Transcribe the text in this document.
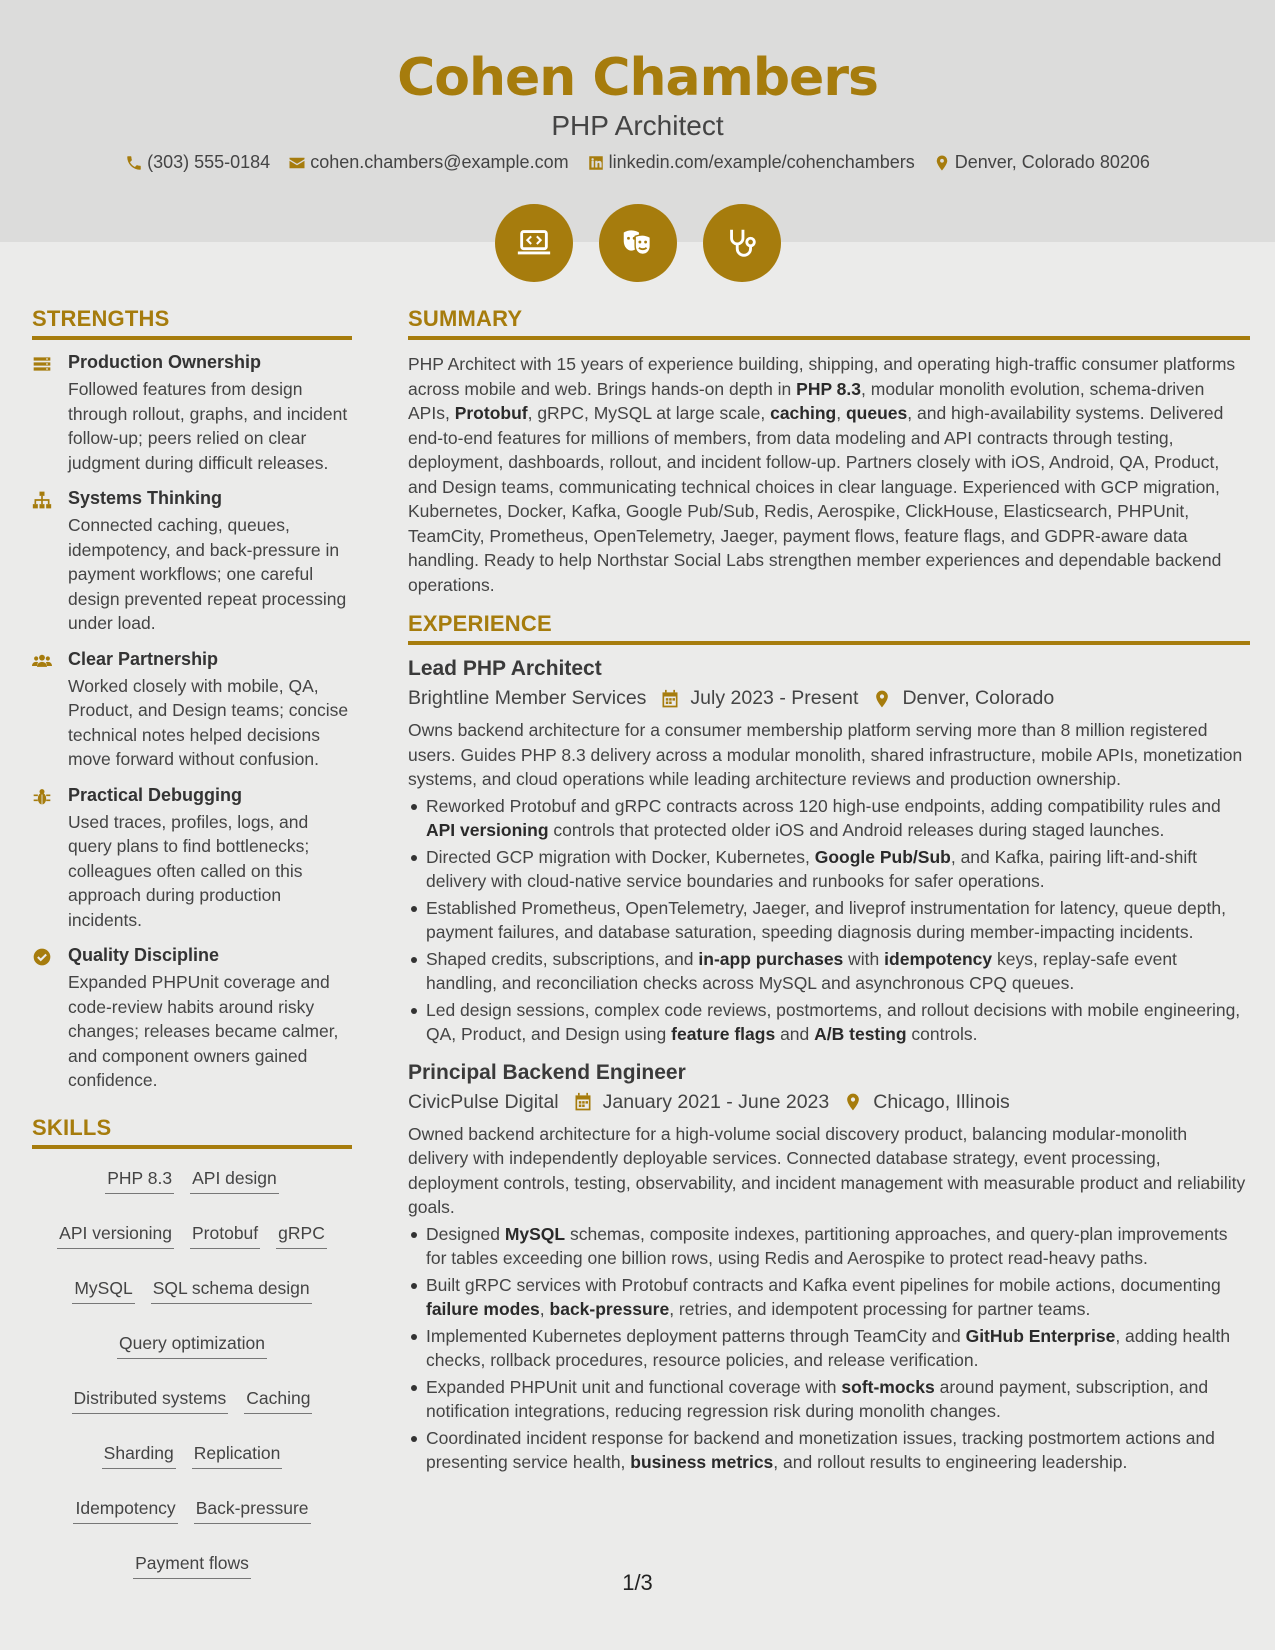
Cohen Chambers
PHP Architect
(303) 555-0184 cohen.chambers@example.com linkedin.com/example/cohenchambers Denver, Colorado 80206
STRENGTHS
Production Ownership

Followed features from design through rollout, graphs, and incident follow-up; peers relied on clear judgment during difficult releases.

Systems Thinking

Connected caching, queues, idempotency, and back-pressure in payment workflows; one careful design prevented repeat processing under load.

Clear Partnership

Worked closely with mobile, QA, Product, and Design teams; concise technical notes helped decisions move forward without confusion.

Practical Debugging

Used traces, profiles, logs, and query plans to find bottlenecks; colleagues often called on this approach during production incidents.

Quality Discipline

Expanded PHPUnit coverage and code-review habits around risky changes; releases became calmer, and component owners gained confidence.

SKILLS
PHP 8.3 API design
API versioning Protobuf gRPC
MySQL SQL schema design
Query optimization
Distributed systems Caching
Sharding Replication
Idempotency Back-pressure
Payment flows
SUMMARY

PHP Architect with 15 years of experience building, shipping, and operating high-traffic consumer platforms across mobile and web. Brings hands-on depth in PHP 8.3, modular monolith evolution, schema-driven APIs, Protobuf, gRPC, MySQL at large scale, caching, queues, and high-availability systems. Delivered end-to-end features for millions of members, from data modeling and API contracts through testing, deployment, dashboards, rollout, and incident follow-up. Partners closely with iOS, Android, QA, Product, and Design teams, communicating technical choices in clear language. Experienced with GCP migration, Kubernetes, Docker, Kafka, Google Pub/Sub, Redis, Aerospike, ClickHouse, Elasticsearch, PHPUnit, TeamCity, Prometheus, OpenTelemetry, Jaeger, payment flows, feature flags, and GDPR-aware data handling. Ready to help Northstar Social Labs strengthen member experiences and dependable backend operations.

EXPERIENCE
Lead PHP Architect
Brightline Member Services July 2023 - Present Denver, Colorado

Owns backend architecture for a consumer membership platform serving more than 8 million registered users. Guides PHP 8.3 delivery across a modular monolith, shared infrastructure, mobile APIs, monetization systems, and cloud operations while leading architecture reviews and production ownership.

Reworked Protobuf and gRPC contracts across 120 high-use endpoints, adding compatibility rules and API versioning controls that protected older iOS and Android releases during staged launches.
Directed GCP migration with Docker, Kubernetes, Google Pub/Sub, and Kafka, pairing lift-and-shift delivery with cloud-native service boundaries and runbooks for safer operations.
Established Prometheus, OpenTelemetry, Jaeger, and liveprof instrumentation for latency, queue depth, payment failures, and database saturation, speeding diagnosis during member-impacting incidents.
Shaped credits, subscriptions, and in-app purchases with idempotency keys, replay-safe event handling, and reconciliation checks across MySQL and asynchronous CPQ queues.
Led design sessions, complex code reviews, postmortems, and rollout decisions with mobile engineering, QA, Product, and Design using feature flags and A/B testing controls.
Principal Backend Engineer
CivicPulse Digital January 2021 - June 2023 Chicago, Illinois

Owned backend architecture for a high-volume social discovery product, balancing modular-monolith delivery with independently deployable services. Connected database strategy, event processing, deployment controls, testing, observability, and incident management with measurable product and reliability goals.

Designed MySQL schemas, composite indexes, partitioning approaches, and query-plan improvements for tables exceeding one billion rows, using Redis and Aerospike to protect read-heavy paths.
Built gRPC services with Protobuf contracts and Kafka event pipelines for mobile actions, documenting failure modes, back-pressure, retries, and idempotent processing for partner teams.
Implemented Kubernetes deployment patterns through TeamCity and GitHub Enterprise, adding health checks, rollback procedures, resource policies, and release verification.
Expanded PHPUnit unit and functional coverage with soft-mocks around payment, subscription, and notification integrations, reducing regression risk during monolith changes.
Coordinated incident response for backend and monetization issues, tracking postmortem actions and presenting service health, business metrics, and rollout results to engineering leadership.
1/3
